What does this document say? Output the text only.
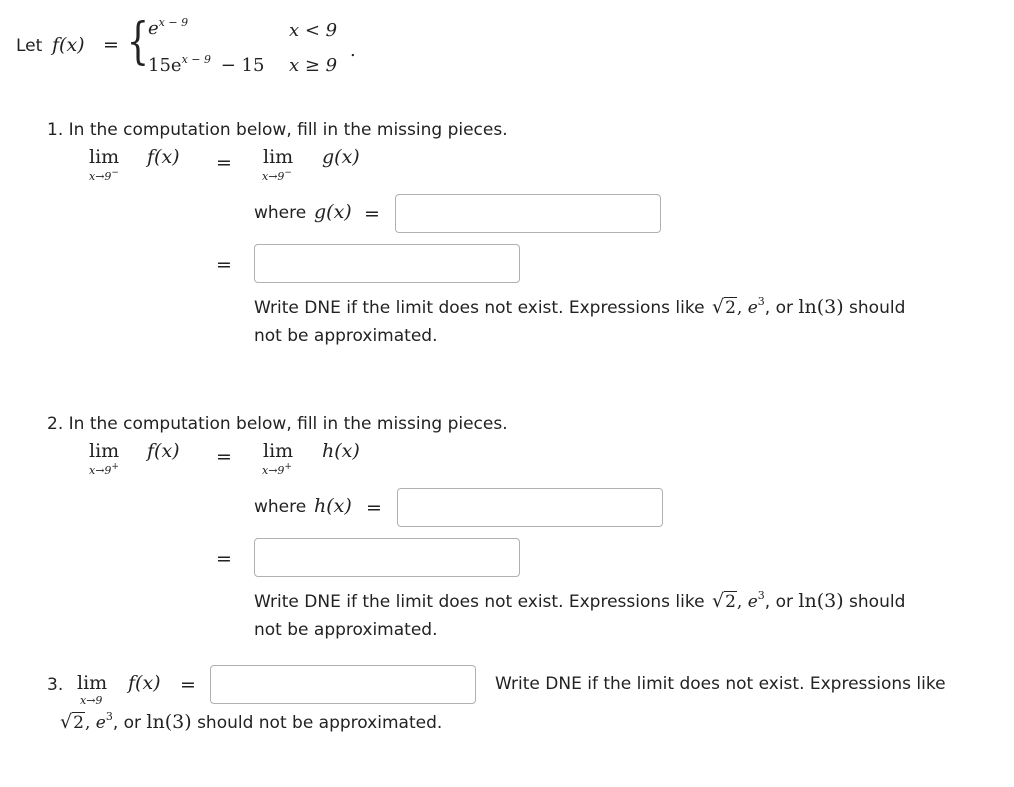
Let f(x) = {
$e^{x - 9}$	x < 9
$15e^{x - 9} - 15$ x ≥ 9
.
1. In the computation below, fill in the missing pieces.
lim
x→9−
f(x) = lim
x→9−
g(x)
where g(x) =
=
Write DNE if the limit does not exist. Expressions like √2, $e^3$, or ln(3) should
not be approximated.
2. In the computation below, fill in the missing pieces.
lim
x→9+
f(x) = lim
x→9+
h(x)
where h(x) =
=
Write DNE if the limit does not exist. Expressions like √2, $e^3$, or ln(3) should
not be approximated.
3. lim
x→9
f(x) =	Write DNE if the limit does not exist. Expressions like
√2, $e^3$, or ln(3) should not be approximated.
